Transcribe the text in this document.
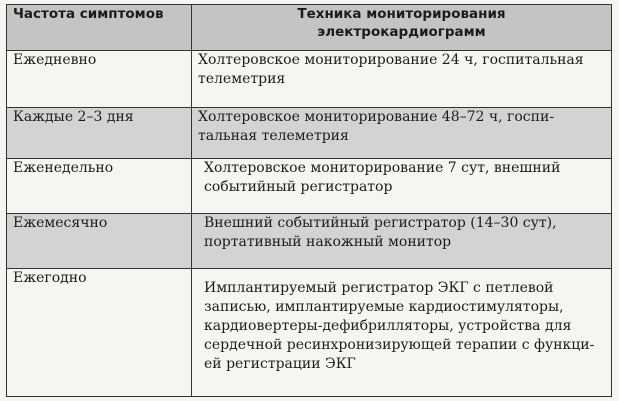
Частота симптомов	Техника мониторирования
электрокардиограмм

Ежедневно	Холтеровское мониторирование 24 ч, госпитальная
телеметрия

Каждые 2–3 дня	Холтеровское мониторирование 48–72 ч, госпи-
тальная телеметрия

Еженедельно	Холтеровское мониторирование 7 сут, внешний
событийный регистратор

Ежемесячно	Внешний событийный регистратор (14–30 сут),
портативный накожный монитор

Ежегодно	Имплантируемый регистратор ЭКГ с петлевой
записью, имплантируемые кардиостимуляторы,
кардиовертеры-дефибрилляторы, устройства для
сердечной ресинхронизирующей терапии с функци-
ей регистрации ЭКГ
